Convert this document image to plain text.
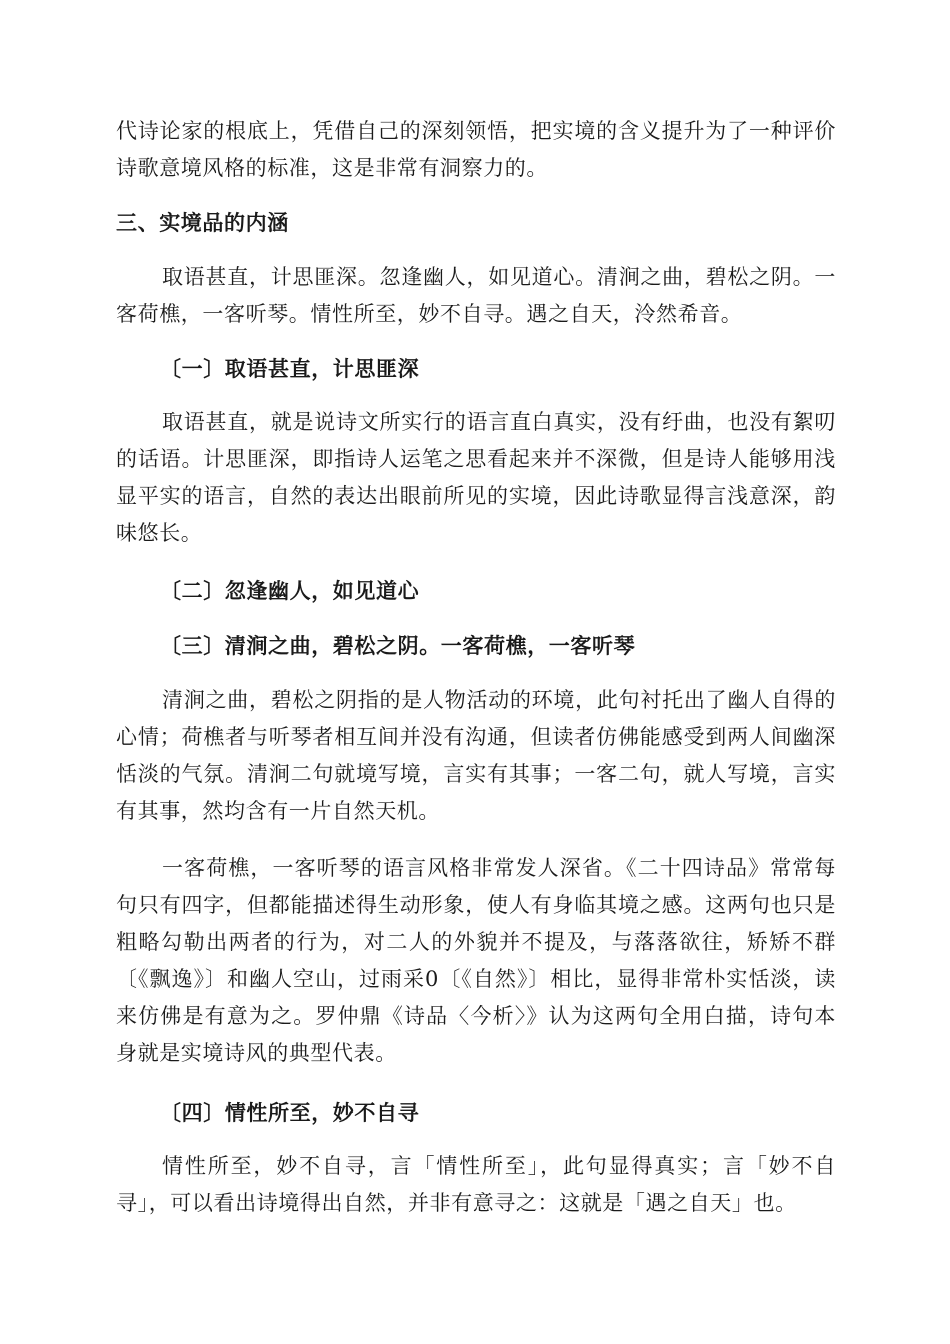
代诗论家的根底上，凭借自己的深刻领悟，把实境的含义提升为了一种评价诗歌意境风格的标准，这是非常有洞察力的。

三、实境品的内涵

取语甚直，计思匪深。忽逢幽人，如见道心。清涧之曲，碧松之阴。一客荷樵，一客听琴。情性所至，妙不自寻。遇之自天，泠然希音。

〔一〕取语甚直，计思匪深

取语甚直，就是说诗文所实行的语言直白真实，没有纡曲，也没有絮叨的话语。计思匪深，即指诗人运笔之思看起来并不深微，但是诗人能够用浅显平实的语言，自然的表达出眼前所见的实境，因此诗歌显得言浅意深，韵味悠长。

〔二〕忽逢幽人，如见道心
〔三〕清涧之曲，碧松之阴。一客荷樵，一客听琴

清涧之曲，碧松之阴指的是人物活动的环境，此句衬托出了幽人自得的心情；荷樵者与听琴者相互间并没有沟通，但读者仿佛能感受到两人间幽深恬淡的气氛。清涧二句就境写境，言实有其事；一客二句，就人写境，言实有其事，然均含有一片自然天机。

一客荷樵，一客听琴的语言风格非常发人深省。《二十四诗品》常常每句只有四字，但都能描述得生动形象，使人有身临其境之感。这两句也只是粗略勾勒出两者的行为，对二人的外貌并不提及，与落落欲往，矫矫不群〔《飘逸》〕和幽人空山，过雨采0〔《自然》〕相比，显得非常朴实恬淡，读来仿佛是有意为之。罗仲鼎《诗品〈今析〉》认为这两句全用白描，诗句本身就是实境诗风的典型代表。

〔四〕情性所至，妙不自寻

情性所至，妙不自寻，言「情性所至」，此句显得真实；言「妙不自寻」，可以看出诗境得出自然，并非有意寻之：这就是「遇之自天」也。
